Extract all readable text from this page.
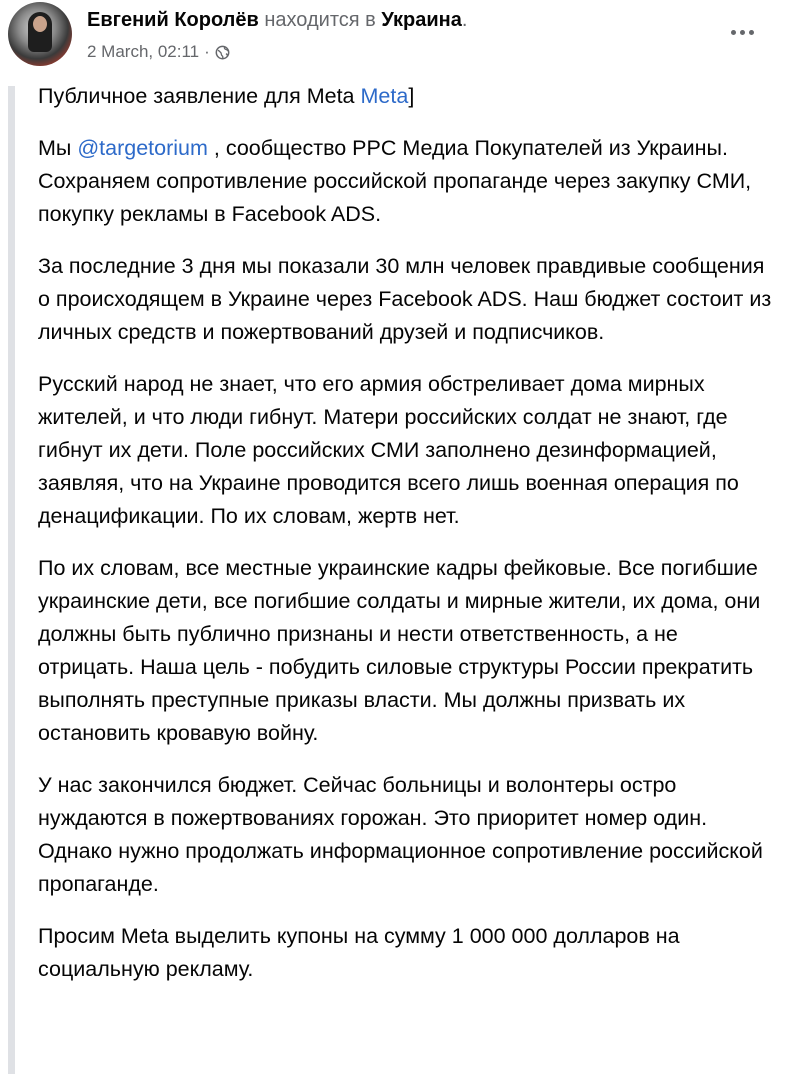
Евгений Королёв находится в Украина.
2 March, 02:11 ·

Публичное заявление для Meta Meta]

Мы @targetorium , сообщество PPC Медиа Покупателей из Украины. Сохраняем сопротивление российской пропаганде через закупку СМИ, покупку рекламы в Facebook ADS.

За последние 3 дня мы показали 30 млн человек правдивые сообщения о происходящем в Украине через Facebook ADS. Наш бюджет состоит из личных средств и пожертвований друзей и подписчиков.

Русский народ не знает, что его армия обстреливает дома мирных жителей, и что люди гибнут. Матери российских солдат не знают, где гибнут их дети. Поле российских СМИ заполнено дезинформацией, заявляя, что на Украине проводится всего лишь военная операция по денацификации. По их словам, жертв нет.

По их словам, все местные украинские кадры фейковые. Все погибшие украинские дети, все погибшие солдаты и мирные жители, их дома, они должны быть публично признаны и нести ответственность, а не отрицать. Наша цель - побудить силовые структуры России прекратить выполнять преступные приказы власти. Мы должны призвать их остановить кровавую войну.

У нас закончился бюджет. Сейчас больницы и волонтеры остро нуждаются в пожертвованиях горожан. Это приоритет номер один.

Однако нужно продолжать информационное сопротивление российской пропаганде.

Просим Meta выделить купоны на сумму 1 000 000 долларов на социальную рекламу.
